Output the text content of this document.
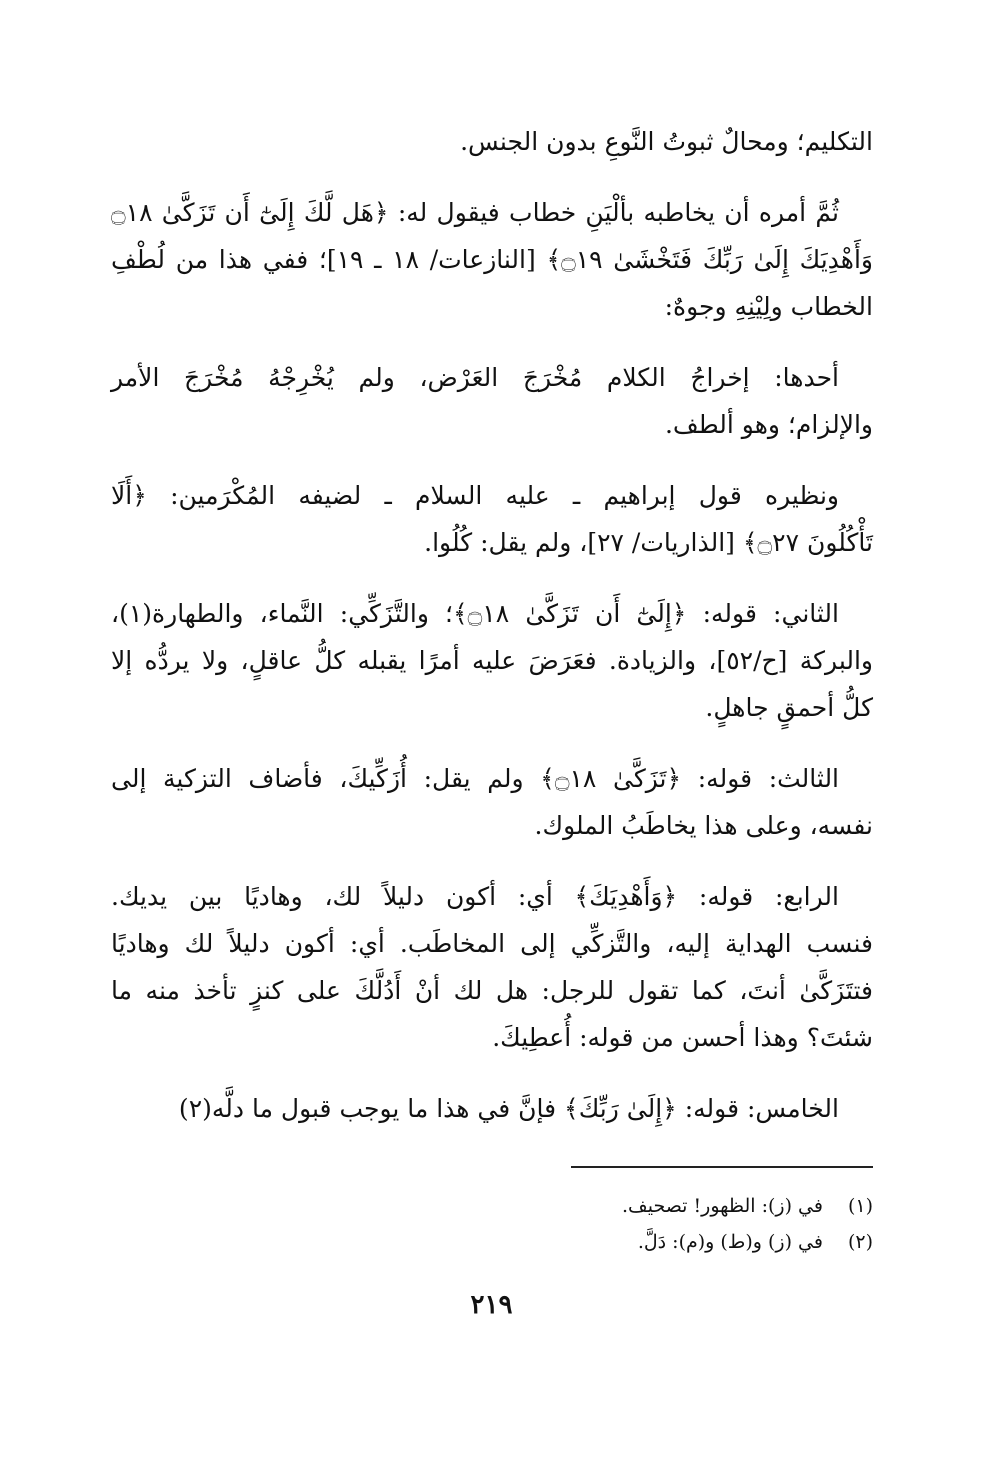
التكليم؛ ومحالٌ ثبوتُ النَّوعِ بدون الجنس.
ثُمَّ أمره أن يخاطبه بألْيَنِ خطاب فيقول له: ﴿هَل لَّكَ إِلَىٰٓ أَن تَزَكَّىٰ ۝١٨
وَأَهْدِيَكَ إِلَىٰ رَبِّكَ فَتَخْشَىٰ ۝١٩﴾ [النازعات/ ١٨ ـ ١٩]؛ ففي هذا من لُطْفِ
الخطاب ولِيْنِهِ وجوهٌ:
أحدها: إخراجُ الكلام مُخْرَجَ العَرْض، ولم يُخْرِجْهُ مُخْرَجَ الأمر
والإلزام؛ وهو ألطف.
ونظيره قول إبراهيم ـ عليه السلام ـ لضيفه المُكْرَمين: ﴿أَلَا
تَأْكُلُونَ ۝٢٧﴾ [الذاريات/ ٢٧]، ولم يقل: كُلُوا.
الثاني: قوله: ﴿إِلَىٰٓ أَن تَزَكَّىٰ ۝١٨﴾؛ والتَّزَكِّي: النَّماء، والطهارة(١)،
والبركة [ح/٥٢]، والزيادة. فعَرَضَ عليه أمرًا يقبله كلُّ عاقلٍ، ولا يردُّه إلا
كلُّ أحمقٍ جاهلٍ.
الثالث: قوله: ﴿تَزَكَّىٰ ۝١٨﴾ ولم يقل: أُزَكِّيكَ، فأضاف التزكية إلى
نفسه، وعلى هذا يخاطَبُ الملوك.
الرابع: قوله: ﴿وَأَهْدِيَكَ﴾ أي: أكون دليلاً لك، وهاديًا بين يديك.
فنسب الهداية إليه، والتَّزكِّي إلى المخاطَب. أي: أكون دليلاً لك وهاديًا
فتتَزَكَّىٰ أنتَ، كما تقول للرجل: هل لك أنْ أَدُلَّكَ على كنزٍ تأخذ منه ما
شئتَ؟ وهذا أحسن من قوله: أُعطِيكَ.
الخامس: قوله: ﴿إِلَىٰ رَبِّكَ﴾ فإنَّ في هذا ما يوجب قبول ما دلَّه(٢)
(١) في (ز): الظهور! تصحيف.
(٢) في (ز) و(ط) و(م): دَلَّ.
٢١٩
